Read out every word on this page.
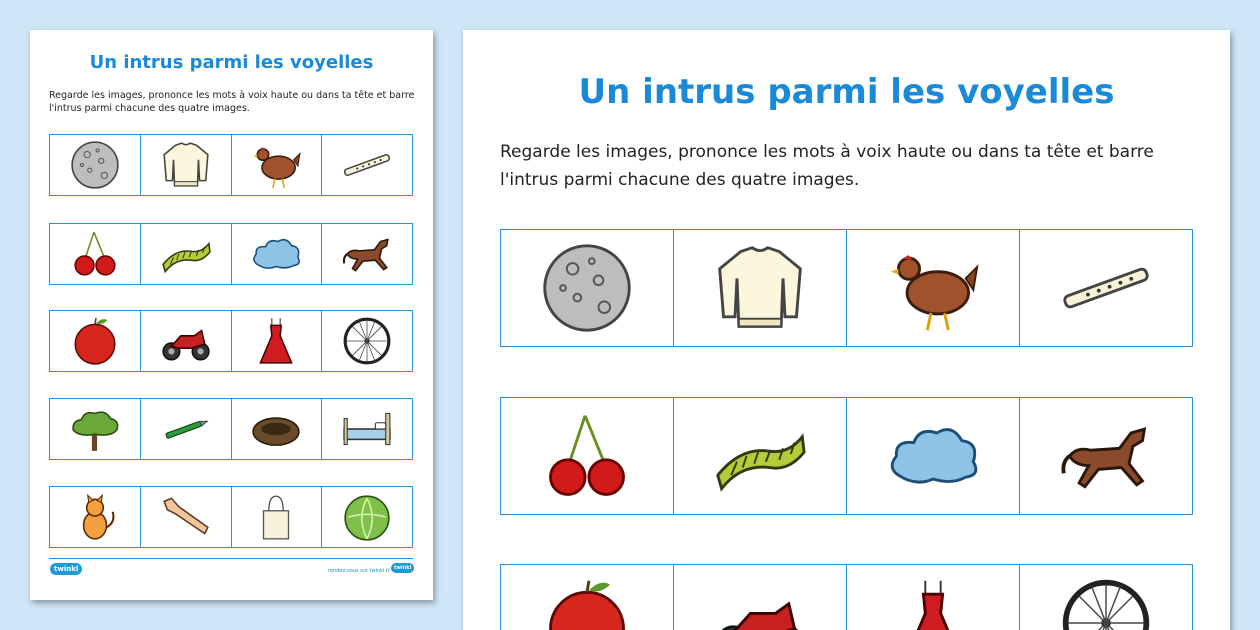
Un intrus parmi les voyelles
Regarde les images, prononce les mots à voix haute ou dans ta tête et barre l'intrus parmi chacune des quatre images.
twinkl	rendez-vous sur twinkl.fr twinkl
Un intrus parmi les voyelles
Regarde les images, prononce les mots à voix haute ou dans ta tête et barre l'intrus parmi chacune des quatre images.
